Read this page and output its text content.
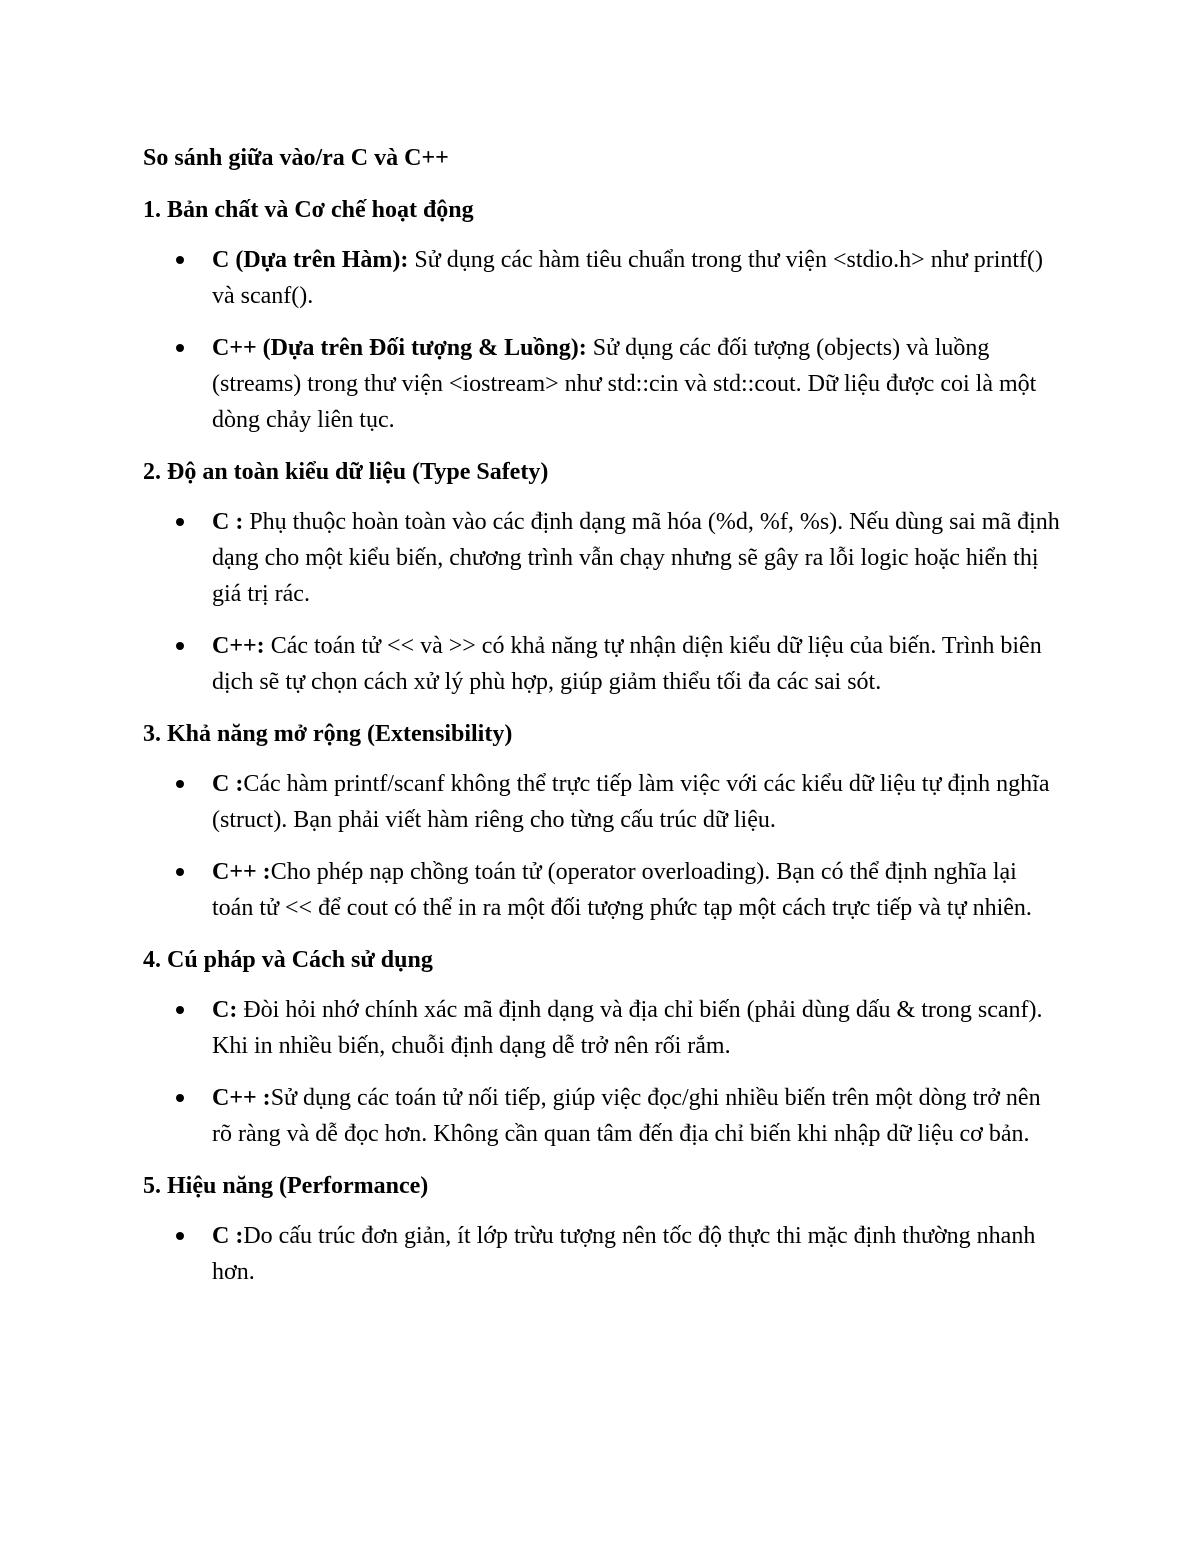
So sánh giữa vào/ra C và C++
1. Bản chất và Cơ chế hoạt động
C (Dựa trên Hàm): Sử dụng các hàm tiêu chuẩn trong thư viện <stdio.h> như printf() và scanf().
C++ (Dựa trên Đối tượng & Luồng): Sử dụng các đối tượng (objects) và luồng (streams) trong thư viện <iostream> như std::cin và std::cout. Dữ liệu được coi là một dòng chảy liên tục.
2. Độ an toàn kiểu dữ liệu (Type Safety)
C : Phụ thuộc hoàn toàn vào các định dạng mã hóa (%d, %f, %s). Nếu dùng sai mã định dạng cho một kiểu biến, chương trình vẫn chạy nhưng sẽ gây ra lỗi logic hoặc hiển thị giá trị rác.
C++: Các toán tử << và >> có khả năng tự nhận diện kiểu dữ liệu của biến. Trình biên dịch sẽ tự chọn cách xử lý phù hợp, giúp giảm thiểu tối đa các sai sót.
3. Khả năng mở rộng (Extensibility)
C :Các hàm printf/scanf không thể trực tiếp làm việc với các kiểu dữ liệu tự định nghĩa (struct). Bạn phải viết hàm riêng cho từng cấu trúc dữ liệu.
C++ :Cho phép nạp chồng toán tử (operator overloading). Bạn có thể định nghĩa lại toán tử << để cout có thể in ra một đối tượng phức tạp một cách trực tiếp và tự nhiên.
4. Cú pháp và Cách sử dụng
C: Đòi hỏi nhớ chính xác mã định dạng và địa chỉ biến (phải dùng dấu & trong scanf). Khi in nhiều biến, chuỗi định dạng dễ trở nên rối rắm.
C++ :Sử dụng các toán tử nối tiếp, giúp việc đọc/ghi nhiều biến trên một dòng trở nên rõ ràng và dễ đọc hơn. Không cần quan tâm đến địa chỉ biến khi nhập dữ liệu cơ bản.
5. Hiệu năng (Performance)
C :Do cấu trúc đơn giản, ít lớp trừu tượng nên tốc độ thực thi mặc định thường nhanh hơn.
